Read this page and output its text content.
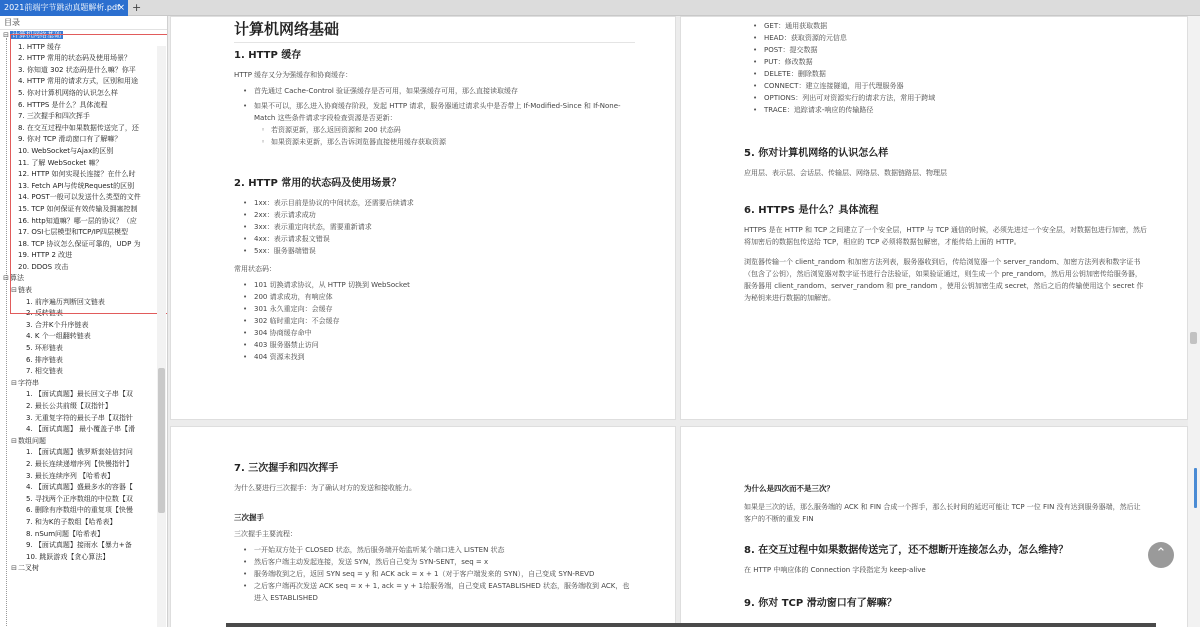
2021前端字节跳动真题解析.pdf
× +
目录
⊟ 计算机网络基础
1. HTTP 缓存
2. HTTP 常用的状态码及使用场景？
3. 你知道 302 状态码是什么嘛？你平
4. HTTP 常用的请求方式，区别和用途
5. 你对计算机网络的认识怎么样
6. HTTPS 是什么？具体流程
7. 三次握手和四次挥手
8. 在交互过程中如果数据传送完了，还
9. 你对 TCP 滑动窗口有了解嘛？
10. WebSocket与Ajax的区别
11. 了解 WebSocket 嘛？
12. HTTP 如何实现长连接？在什么时
13. Fetch API与传统Request的区别
14. POST一般可以发送什么类型的文件
15. TCP 如何保证有效传输及拥塞控制
16. http知道嘛？哪一层的协议？（应
17. OSI七层模型和TCP/IP四层模型
18. TCP 协议怎么保证可靠的，UDP 为
19. HTTP 2 改进
20. DDOS 攻击
⊟算法
⊟链表
1. 前序遍历判断回文链表
2. 反转链表
3. 合并K个升序链表
4. K 个一组翻转链表
5. 环形链表
6. 排序链表
7. 相交链表
⊟字符串
1. 【面试真题】最长回文子串【双
2. 最长公共前缀【双指针】
3. 无重复字符的最长子串【双指针
4. 【面试真题】 最小覆盖子串【滑
⊟数组问题
1. 【面试真题】俄罗斯套娃信封问
2. 最长连续递增序列【快慢指针】
3. 最长连续序列 【哈希表】
4. 【面试真题】盛最多水的容器【
5. 寻找两个正序数组的中位数【双
6. 删除有序数组中的重复项【快慢
7. 和为K的子数组【哈希表】
8. nSum问题【哈希表】
9. 【面试真题】接雨水【暴力+备
10. 跳跃游戏【贪心算法】
⊟二叉树
计算机网络基础
1. HTTP 缓存
HTTP 缓存又分为强缓存和协商缓存：
• 首先通过 Cache-Control 验证强缓存是否可用，如果强缓存可用，那么直接读取缓存
• 如果不可以，那么进入协商缓存阶段，发起 HTTP 请求，服务器通过请求头中是否带上 If-Modified-Since 和 If-None-Match 这些条件请求字段检查资源是否更新：
◦ 若资源更新，那么返回资源和 200 状态码
◦ 如果资源未更新，那么告诉浏览器直接使用缓存获取资源
2. HTTP 常用的状态码及使用场景？
• 1xx：表示目前是协议的中间状态，还需要后续请求
• 2xx：表示请求成功
• 3xx：表示重定向状态，需要重新请求
• 4xx：表示请求报文错误
• 5xx：服务器端错误
常用状态码：
• 101 切换请求协议，从 HTTP 切换到 WebSocket
• 200 请求成功，有响应体
• 301 永久重定向：会缓存
• 302 临时重定向：不会缓存
• 304 协商缓存命中
• 403 服务器禁止访问
• 404 资源未找到
• GET：通用获取数据
• HEAD：获取资源的元信息
• POST：提交数据
• PUT：修改数据
• DELETE：删除数据
• CONNECT：建立连接隧道，用于代理服务器
• OPTIONS：列出可对资源实行的请求方法，常用于跨域
• TRACE：追踪请求-响应的传输路径
5. 你对计算机网络的认识怎么样
应用层、表示层、会话层、传输层、网络层、数据链路层、物理层
6. HTTPS 是什么？具体流程
HTTPS 是在 HTTP 和 TCP 之间建立了一个安全层，HTTP 与 TCP 通信的时候，必须先进过一个安全层，对数据包进行加密，然后将加密后的数据包传送给 TCP，相应的 TCP 必须将数据包解密，才能传给上面的 HTTP。
浏览器传输一个 client_random 和加密方法列表，服务器收到后，传给浏览器一个 server_random、加密方法列表和数字证书（包含了公钥），然后浏览器对数字证书进行合法验证，如果验证通过，则生成一个 pre_random，然后用公钥加密传给服务器，服务器用 client_random、server_random 和 pre_random ，使用公钥加密生成 secret，然后之后的传输使用这个 secret 作为秘钥来进行数据的加解密。
7. 三次握手和四次挥手
为什么要进行三次握手：为了确认对方的发送和接收能力。
三次握手
三次握手主要流程：
• 一开始双方处于 CLOSED 状态，然后服务端开始监听某个端口进入 LISTEN 状态
• 然后客户端主动发起连接，发送 SYN，然后自己变为 SYN-SENT，seq = x
• 服务端收到之后，返回 SYN seq = y 和 ACK ack = x + 1（对于客户端发来的 SYN），自己变成 SYN-REVD
• 之后客户端再次发送 ACK seq = x + 1, ack = y + 1给服务端，自己变成 EASTABLISHED 状态，服务端收到 ACK，也进入 ESTABLISHED
为什么是四次而不是三次？
如果是三次的话，那么服务端的 ACK 和 FIN 合成一个挥手，那么长时间的延迟可能让 TCP 一位 FIN 没有达到服务器端，然后让客户的不断的重发 FIN
8. 在交互过程中如果数据传送完了，还不想断开连接怎么办，怎么维持？
在 HTTP 中响应体的 Connection 字段指定为 keep-alive
9. 你对 TCP 滑动窗口有了解嘛？
⌃
